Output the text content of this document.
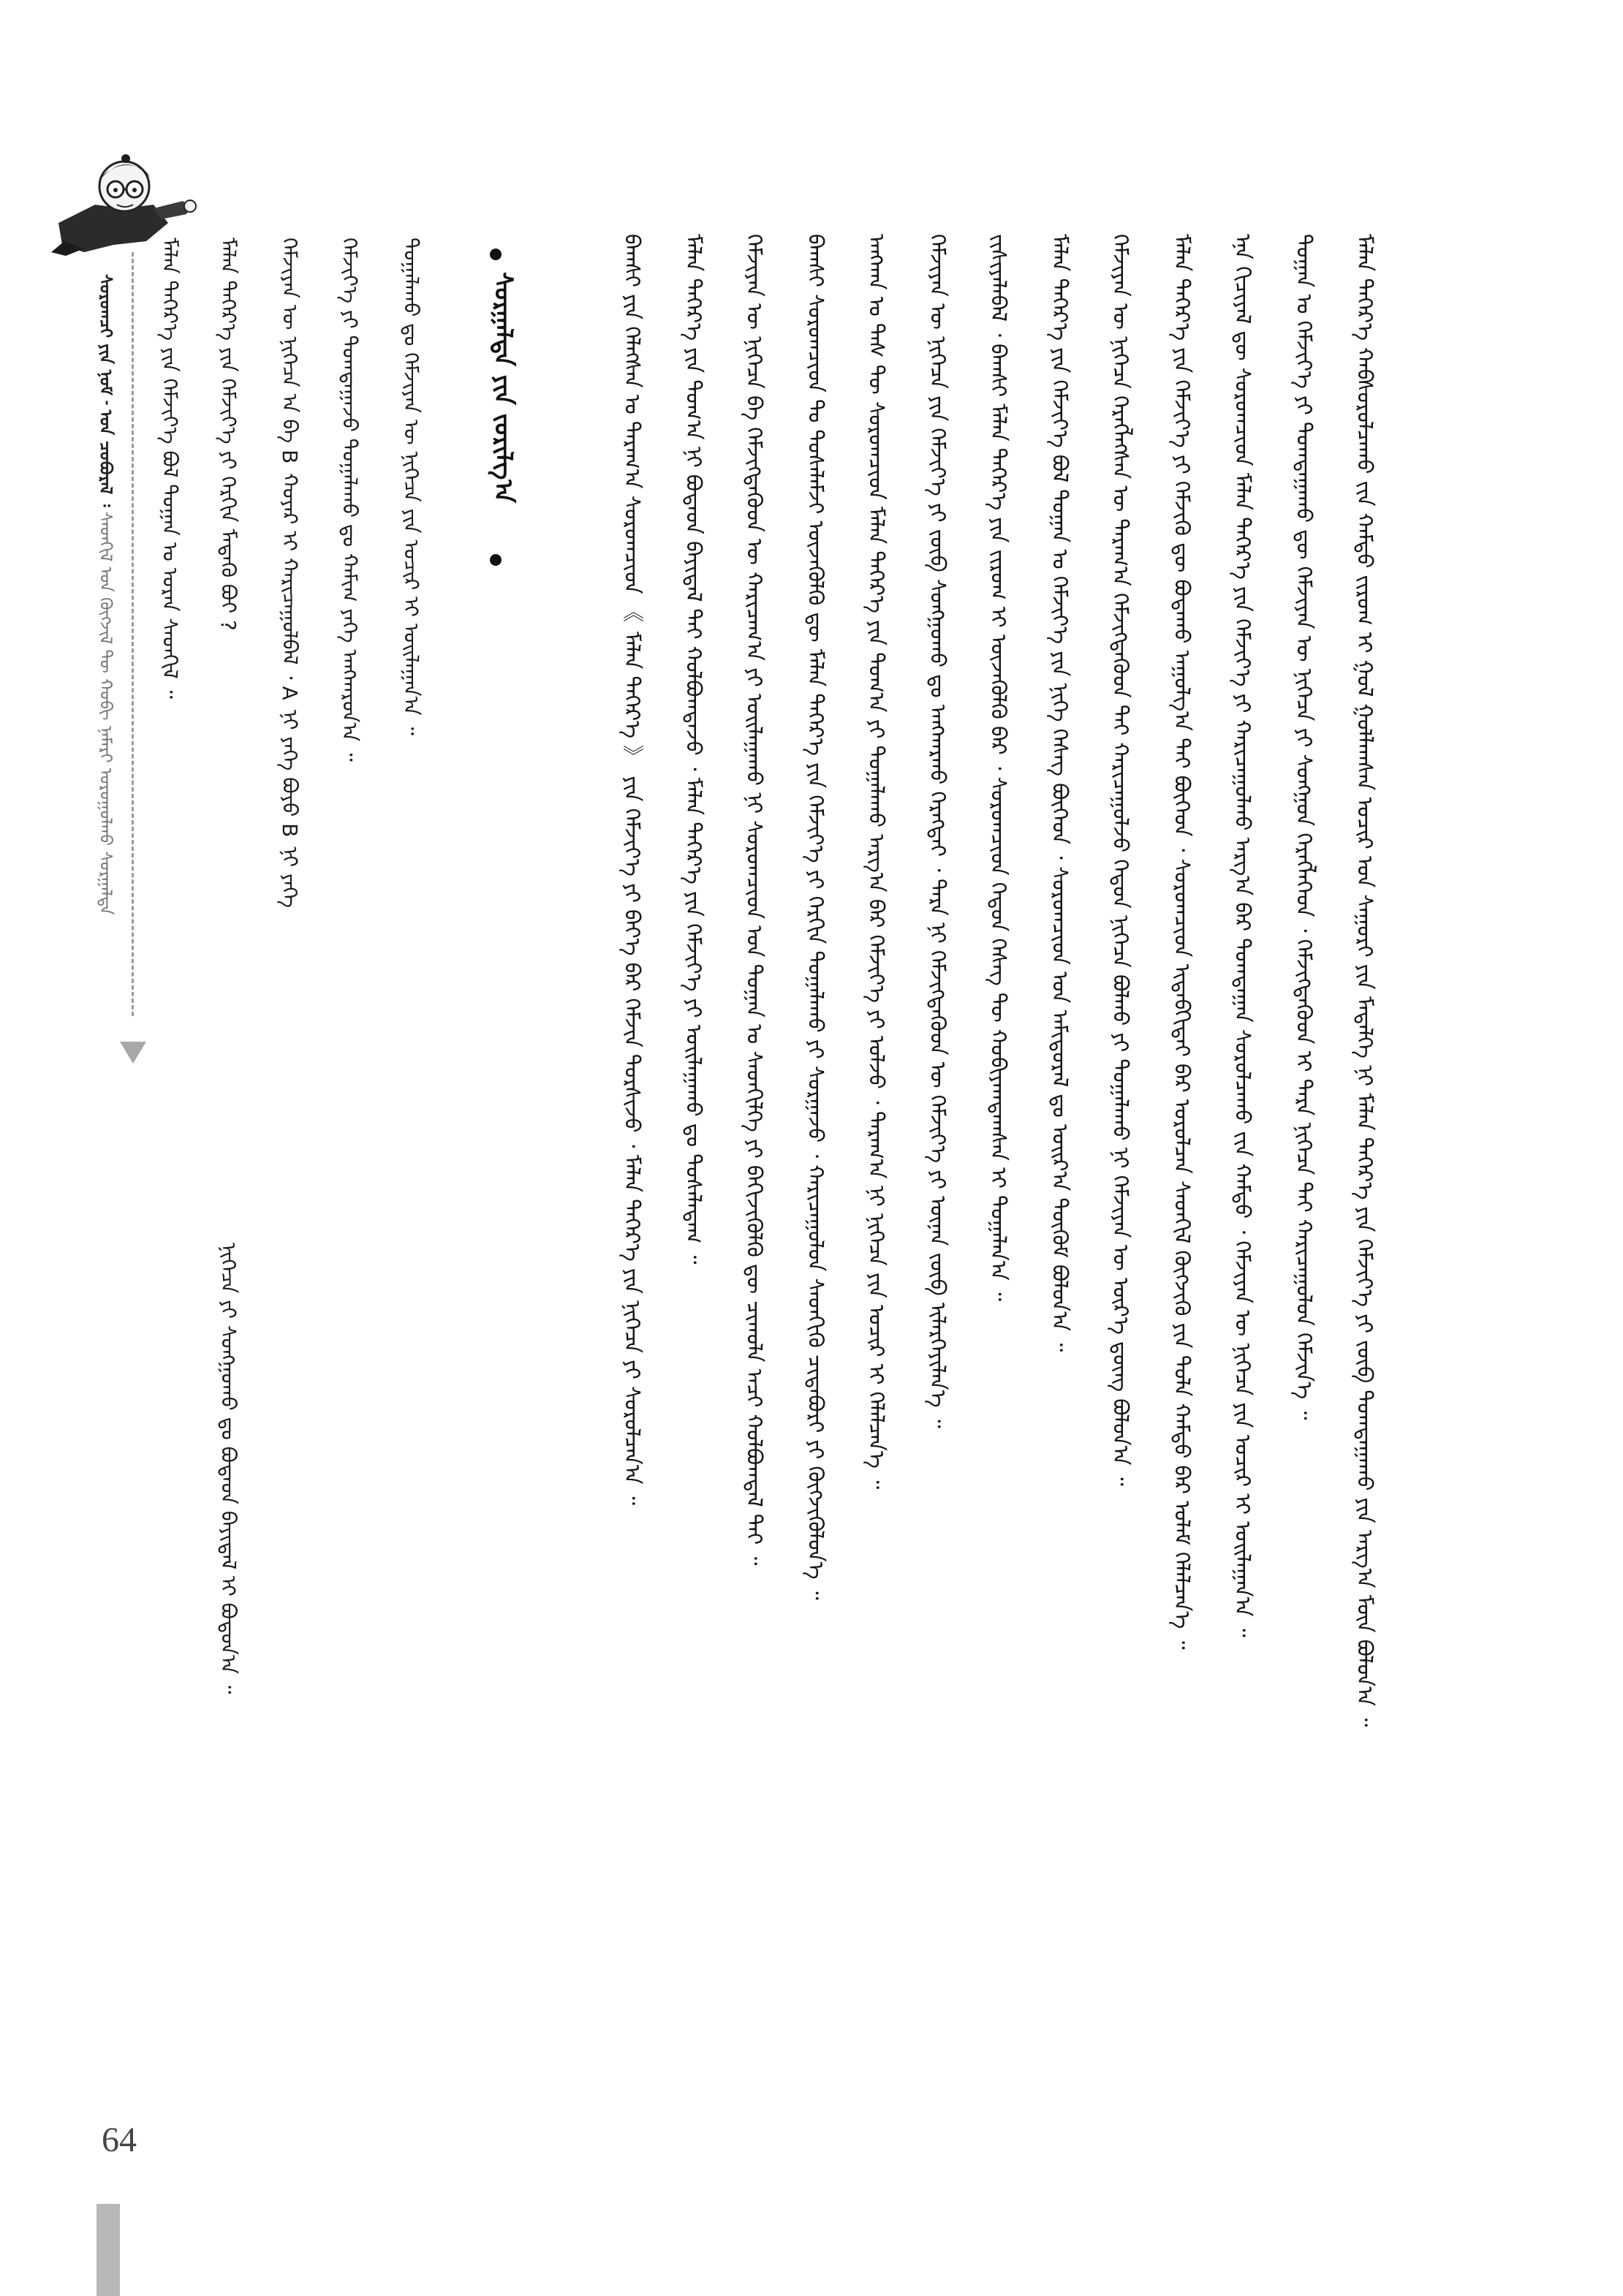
ᠰᠤᠷᠤᠭᠴᠢ ᠶᠢᠨ ᠨᠣᠮ ᠊ ᠤᠨ ᠴᠤᠪᠤᠷᠠᠯ ᠄
ᠰᠡᠳᠬᠢᠯ ᠤᠨ ᠬᠥᠭᠵᠢᠯ ᠲᠦ ᠬᠤᠪᠢ ᠨᠡᠮᠡᠷᠢ ᠣᠷᠣᠭᠤᠯᠬᠤ ᠰᠤᠷᠭᠠᠯᠲᠠ
ᠮᠠᠯᠠᠨ ᠳᠡᠭᠡᠷ᠎ᠡ ᠶᠢᠨ ᠬᠡᠮᠵᠢᠶ᠎ᠡ ᠶᠢ ᠬᠡᠷᠬᠢᠨ ᠮᠡᠳᠡᠬᠦ ᠪᠤᠢ ? ᠬᠡᠮᠵᠢᠶᠡᠨ ᠦ ᠨᠢᠭᠡᠴᠡ ᠠ ᠪᠠ B ᠬᠣᠶᠠᠷ ᠢ ᠬᠠᠷᠢᠴᠠᠭᠤᠯᠪᠠᠯ ᠂ A ᠨᠢ ᠶᠡᠬᠡ ᠪᠤᠶᠤ B ᠨᠢ ᠶᠡᠬᠡ ᠬᠡᠮᠵᠢᠶ᠎ᠡ ᠶᠢ ᠲᠣᠭᠲᠠᠭᠠᠵᠤ ᠲᠣᠭᠠᠯᠠᠬᠤ ᠳᠤ ᠬᠠᠮᠢᠭ ᠶᠡᠬᠡ ᠠᠩᠬᠠᠷᠤᠨ᠎ᠠ ᠃
ᠨᠢᠭᠡᠴᠡ ᠶᠢ ᠰᠣᠩᠭᠣᠬᠤ ᠳᠤ ᠪᠣᠳᠠᠳ ᠪᠠᠶᠢᠳᠠᠯ ᠢ ᠪᠤᠳᠤᠨ᠎ᠠ ᠃
ᠲᠣᠭᠠᠯᠠᠬᠤ ᠳᠤ ᠬᠡᠮᠵᠢᠶᠡᠨ ᠦ ᠨᠢᠭᠡᠴᠡ ᠶᠢᠨ ᠤᠴᠢᠷ ᠢ ᠣᠢᠯᠠᠭᠠᠨ᠎ᠠ ᠃	ᠰᠤᠷᠭᠠᠯᠲᠠ ᠶᠢᠨ ᠵᠣᠷᠢᠯᠭ᠎ᠠ	ᠪᠠᠭᠰᠢ ᠶᠢᠨ ᠬᠡᠯᠡᠭᠰᠡᠨ ᠤ ᠳᠠᠷᠠᠭ᠎ᠠ ᠰᠤᠷᠤᠭᠴᠢᠳ 《 ᠮᠠᠯᠠᠨ ᠳᠡᠭᠡᠷ᠎ᠡ 》 ᠶᠢᠨ ᠬᠡᠮᠵᠢᠶ᠎ᠡ ᠶᠢ ᠪᠡᠶ᠎ᠡ ᠪᠡᠷ ᠬᠡᠮᠵᠢᠨ ᠲᠤᠷᠰᠢᠵᠤ ᠂ ᠮᠠᠯᠠᠨ ᠳᠡᠭᠡᠷ᠎ᠡ ᠶᠢᠨ ᠨᠢᠭᠡᠴᠡ ᠶᠢ ᠰᠤᠷᠤᠯᠴᠠᠨ᠎ᠠ ᠃ ᠮᠠᠯᠠᠨ ᠳᠡᠭᠡᠷ᠎ᠡ ᠶᠢᠨ ᠲᠣᠭ᠎ᠠ ᠨᠢ ᠪᠣᠳᠠᠳ ᠪᠠᠶᠢᠳᠠᠯ ᠲᠠᠢ ᠬᠣᠯᠪᠣᠭᠳᠠᠵᠤ ᠂ ᠮᠠᠯᠠᠨ ᠳᠡᠭᠡᠷ᠎ᠡ ᠶᠢᠨ ᠬᠡᠮᠵᠢᠶ᠎ᠡ ᠶᠢ ᠣᠢᠯᠠᠭᠠᠬᠤ ᠳᠤ ᠲᠤᠰᠠᠯᠠᠳᠠᠭ ᠃ ᠬᠡᠮᠵᠢᠶᠡᠨ ᠦ ᠨᠢᠭᠡᠴᠡ ᠪᠠ ᠬᠡᠮᠵᠢᠭᠳᠡᠬᠦᠦᠨ ᠦ ᠬᠠᠷᠢᠴᠠᠭ᠎ᠠ ᠶᠢ ᠣᠢᠯᠠᠭᠠᠬᠤ ᠨᠢ ᠰᠤᠷᠤᠭᠴᠢᠳ ᠤᠨ ᠲᠣᠭᠠᠨ ᠤ ᠰᠡᠳᠬᠢᠯᠭᠡ ᠶᠢ ᠪᠡᠬᠢᠵᠢᠭᠦᠯᠬᠦ ᠳᠦ ᠴᠢᠬᠤᠯᠠ ᠠᠴᠢ ᠬᠣᠯᠪᠣᠭᠳᠠᠯ ᠲᠠᠢ ᠃ ᠪᠠᠭᠰᠢ ᠰᠤᠷᠤᠭᠴᠢᠳ ᠲᠤ ᠳᠤᠰᠠᠯᠠᠮᠵᠢ ᠦᠵᠡᠭᠦᠯᠬᠦ ᠳᠦ ᠮᠠᠯᠠᠨ ᠳᠡᠭᠡᠷ᠎ᠡ ᠶᠢᠨ ᠬᠡᠮᠵᠢᠶ᠎ᠡ ᠶᠢ ᠬᠡᠷᠬᠢᠨ ᠲᠣᠭᠠᠯᠠᠬᠤ ᠶᠢ ᠰᠤᠷᠭᠠᠵᠤ ᠂ ᠬᠠᠷᠢᠴᠠᠭᠤᠯᠤᠨ ᠰᠡᠳᠬᠢᠬᠦ ᠴᠢᠳᠠᠪᠤᠷᠢ ᠶᠢ ᠬᠥᠭᠵᠢᠭᠦᠯᠦᠨ᠎ᠡ ᠃ ᠠᠩᠬᠠᠨ ᠤ ᠳᠡᠰ ᠲᠦ ᠰᠤᠷᠤᠭᠴᠢᠳ ᠮᠠᠯᠠᠨ ᠳᠡᠭᠡᠷ᠎ᠡ ᠶᠢᠨ ᠲᠣᠭ᠎ᠠ ᠶᠢ ᠲᠣᠭᠠᠯᠠᠬᠤ ᠠᠷᠭ᠎ᠠ ᠪᠠᠷ ᠬᠡᠮᠵᠢᠶ᠎ᠡ ᠶᠢ ᠣᠯᠵᠤ ᠂ ᠳᠠᠷᠠᠭ᠎ᠠ ᠨᠢ ᠨᠢᠭᠡᠴᠡ ᠶᠢᠨ ᠤᠴᠢᠷ ᠢ ᠬᠡᠯᠡᠯᠴᠡᠨ᠎ᠡ ᠃ ᠬᠡᠮᠵᠢᠶᠡᠨ ᠦ ᠨᠢᠭᠡᠴᠡ ᠶᠢᠨ ᠬᠡᠮᠵᠢᠶ᠎ᠡ ᠶᠢ ᠵᠥᠪ ᠰᠣᠩᠭᠣᠬᠤ ᠳᠤ ᠠᠩᠬᠠᠷᠬᠤ ᠬᠡᠷᠡᠭᠲᠡᠢ ᠂ ᠲᠡᠷᠡ ᠨᠢ ᠬᠡᠮᠵᠢᠭᠳᠡᠬᠦᠦᠨ ᠦ ᠬᠡᠮᠵᠢᠶ᠎ᠡ ᠶᠢ ᠦᠨᠡᠨ ᠵᠥᠪ ᠢᠯᠡᠷᠬᠡᠶᠢᠯᠡᠨ᠎ᠡ ᠃ ᠵᠢᠱᠢᠶᠡᠯᠡᠪᠡᠯ ᠂ ᠪᠠᠭᠰᠢ ᠮᠠᠯᠠᠨ ᠳᠡᠭᠡᠷ᠎ᠡ ᠶᠢᠨ ᠵᠢᠷᠤᠭ ᠢ ᠦᠵᠡᠭᠦᠯᠬᠦ ᠪᠡᠷ ᠂ ᠰᠤᠷᠤᠭᠴᠢᠳ ᠬᠡᠳᠦᠨ ᠬᠡᠰᠡᠭ ᠲᠦ ᠬᠤᠪᠢᠶᠠᠭᠳᠠᠭᠰᠠᠨ ᠢ ᠲᠣᠭᠠᠯᠠᠨ᠎ᠠ ᠃ ᠮᠠᠯᠠᠨ ᠳᠡᠭᠡᠷ᠎ᠡ ᠶᠢᠨ ᠬᠡᠮᠵᠢᠶ᠎ᠡ ᠪᠣᠯ ᠲᠣᠭᠠᠨ ᠤ ᠬᠡᠮᠵᠢᠶ᠎ᠡ ᠶᠢᠨ ᠨᠢᠭᠡ ᠬᠡᠰᠡᠭ ᠪᠥᠭᠡᠳ ᠂ ᠰᠤᠷᠤᠭᠴᠢᠳ ᠤᠨ ᠠᠮᠢᠳᠤᠷᠠᠯ ᠳᠤ ᠣᠢᠷ᠎ᠠ ᠳᠥᠬᠦᠮ ᠪᠣᠯᠤᠨ᠎ᠠ ᠃ ᠬᠡᠮᠵᠢᠶᠡᠨ ᠦ ᠨᠢᠭᠡᠴᠡ ᠬᠡᠷᠡᠭᠯᠡᠭᠰᠡᠨ ᠦ ᠳᠠᠷᠠᠭ᠎ᠠ ᠬᠡᠮᠵᠢᠭᠳᠡᠬᠦᠦᠨ ᠲᠡᠢ ᠬᠠᠷᠢᠴᠠᠭᠤᠯᠵᠤ ᠬᠡᠳᠦᠨ ᠨᠢᠭᠡᠴᠡ ᠪᠣᠯᠬᠤ ᠶᠢ ᠲᠣᠭᠠᠯᠠᠬᠤ ᠨᠢ ᠬᠡᠮᠵᠢᠶᠡᠨ ᠦ ᠦᠷ᠎ᠡ ᠳ᠋ᠦᠩ ᠪᠣᠯᠤᠨ᠎ᠠ ᠃ ᠮᠠᠯᠠᠨ ᠳᠡᠭᠡᠷ᠎ᠡ ᠶᠢᠨ ᠬᠡᠮᠵᠢᠶ᠎ᠡ ᠶᠢ ᠬᠡᠮᠵᠢᠬᠦ ᠳᠦ ᠪᠣᠳᠠᠬᠤ ᠠᠭᠤᠯᠭ᠎ᠠ ᠲᠠᠢ ᠪᠥᠭᠡᠳ ᠂ ᠰᠤᠷᠤᠭᠴᠢᠳ ᠢᠳᠡᠪᠬᠢᠲᠡᠢ ᠪᠡᠷ ᠣᠷᠣᠯᠴᠠᠨ ᠰᠡᠳᠬᠢᠯ ᠬᠥᠭᠵᠢᠬᠦ ᠶᠢᠨ ᠲᠣᠯᠠ ᠬᠠᠮᠲᠤ ᠪᠡᠷ ᠤᠯᠠᠮ ᠬᠡᠯᠡᠯᠴᠡᠨ᠎ᠡ ᠃ ᠡᠨᠡ ᠬᠢᠴᠢᠶᠡᠯ ᠳᠦ ᠰᠤᠷᠤᠭᠴᠢᠳ ᠮᠠᠯᠠᠨ ᠳᠡᠭᠡᠷ᠎ᠡ ᠶᠢᠨ ᠬᠡᠮᠵᠢᠶ᠎ᠡ ᠶᠢ ᠬᠠᠷᠢᠴᠠᠭᠤᠯᠬᠤ ᠠᠷᠭ᠎ᠠ ᠪᠠᠷ ᠲᠣᠭᠲᠠᠭᠠᠨ ᠰᠤᠷᠤᠯᠴᠠᠬᠤ ᠵᠢᠨ ᠬᠠᠮᠲᠤ ᠂ ᠬᠡᠮᠵᠢᠶᠡᠨ ᠦ ᠨᠢᠭᠡᠴᠡ ᠶᠢᠨ ᠤᠴᠢᠷ ᠢ ᠣᠢᠯᠠᠭᠠᠨ᠎ᠠ ᠃ ᠲᠣᠭᠠᠨ ᠤ ᠬᠡᠮᠵᠢᠶ᠎ᠡ ᠶᠢ ᠲᠣᠭᠲᠠᠭᠠᠬᠤ ᠳᠦ ᠬᠡᠮᠵᠢᠶᠡᠨ ᠦ ᠨᠢᠭᠡᠴᠡ ᠶᠢ ᠰᠣᠩᠭᠣᠨ ᠬᠡᠷᠡᠭᠯᠡᠭᠡᠳ ᠂ ᠬᠡᠮᠵᠢᠭᠳᠡᠬᠦᠦᠨ ᠢ ᠲᠡᠷᠡ ᠨᠢᠭᠡᠴᠡ ᠲᠡᠢ ᠬᠠᠷᠢᠴᠠᠭᠤᠯᠤᠨ ᠬᠡᠮᠵᠢᠨ᠎ᠡ ᠃ ᠮᠠᠯᠠᠨ ᠳᠡᠭᠡᠷ᠎ᠡ ᠬᠠᠪᠰᠤᠷᠤᠯᠴᠠᠬᠤ ᠵᠢᠨ ᠬᠠᠮᠲᠤ ᠵᠢᠷᠤᠭ ᠢ ᠭᠣᠯ ᠭᠣᠯᠯᠠᠭᠰᠠᠨ ᠤᠴᠢᠷ ᠤᠨ ᠰᠠᠭᠤᠷᠢ ᠶᠢᠨ ᠮᠡᠳᠡᠯᠭᠡ ᠨᠢ ᠮᠠᠯᠠᠨ ᠳᠡᠭᠡᠷ᠎ᠡ ᠶᠢᠨ ᠬᠡᠮᠵᠢᠶ᠎ᠡ ᠶᠢ ᠵᠦᠪ ᠲᠣᠭᠲᠠᠭᠠᠬᠤ ᠶᠢᠨ ᠠᠷᠭ᠎ᠠ ᠮᠦᠨ ᠪᠣᠯᠤᠨ᠎ᠠ ᠃
ᠮᠠᠯᠠᠨ ᠳᠡᠭᠡᠷ᠎ᠡ ᠶᠢᠨ ᠬᠡᠮᠵᠢᠶ᠎ᠡ ᠪᠣᠯ ᠲᠣᠭᠠᠨ ᠤ ᠤᠷᠠᠨ ᠰᠡᠳᠬᠢᠯ ᠃
64
